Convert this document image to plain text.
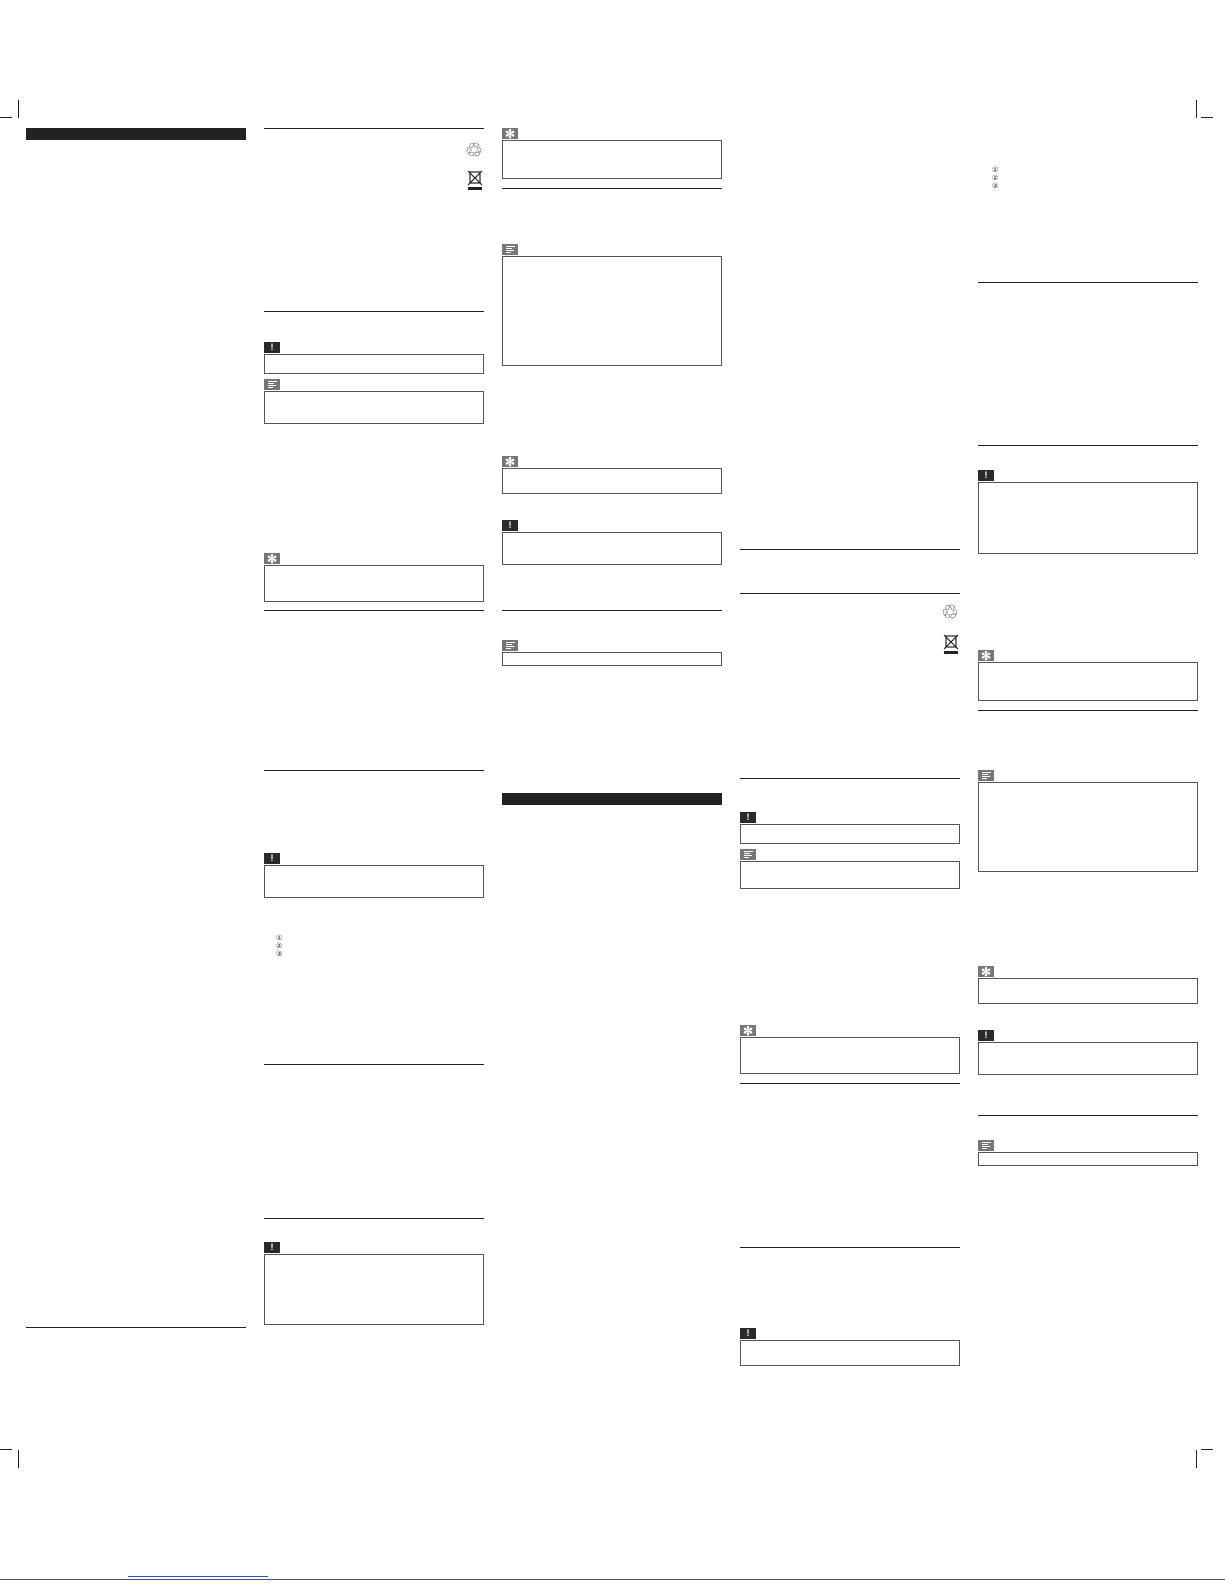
♲
!
✻
!
①
②
③
!
✻
✻
!
♲
!
✻
!
①
②
③
!
✻
✻
!
